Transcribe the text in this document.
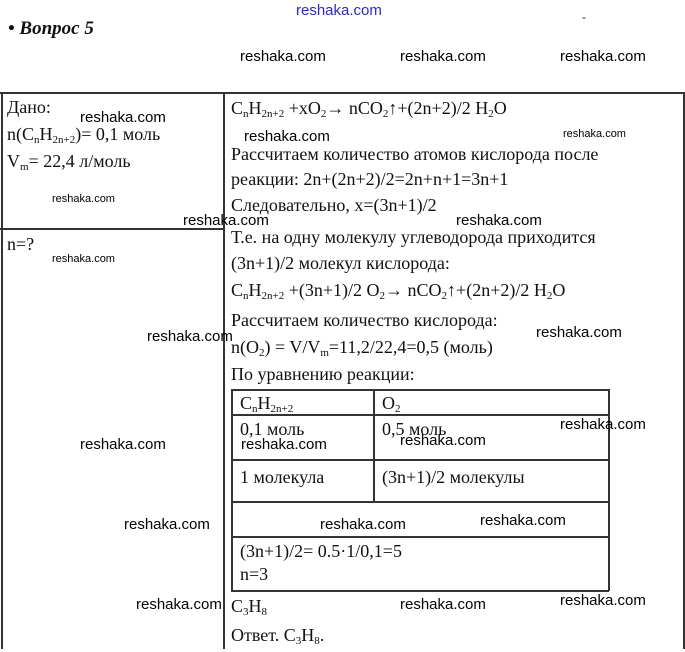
reshaka.com
• Вопрос 5
-
Дано:
$n(C_nH_{2n+2})= 0,1$ моль
$V_m= 22,4$ л/моль
n=?
$C_nH_{2n+2} +xO_2\to$ nCO$_2$↑+(2n+2)/2 $H_2O$
Рассчитаем количество атомов кислорода после
реакции: 2n+(2n+2)/2=2n+n+1=3n+1
Следовательно, x=(3n+1)/2
Т.е. на одну молекулу углеводорода приходится
(3n+1)/2 молекул кислорода:
$C_nH_{2n+2} +(3n+1)/2$ $O_2\to$ nCO$_2$↑+(2n+2)/2 $H_2O$
Рассчитаем количество кислорода:
$n(O_2) = V/V_m=11,2/22,4=0,5$ (моль)
По уравнению реакции:
$C_nH_{2n+2}$	$O_2$
0,1 моль	0,5 моль
1 молекула	(3n+1)/2 молекулы
(3n+1)/2= 0.5·1/0,1=5
n=3
$C_3H_8$
Ответ. $C_3H_8$.
reshaka.com	reshaka.com	reshaka.com
reshaka.com
reshaka.com	reshaka.com
reshaka.com
reshaka.com	reshaka.com
reshaka.com
reshaka.com	reshaka.com
reshaka.com	reshaka.com	reshaka.com
reshaka.com
reshaka.com	reshaka.com	reshaka.com
reshaka.com	reshaka.com	reshaka.com
